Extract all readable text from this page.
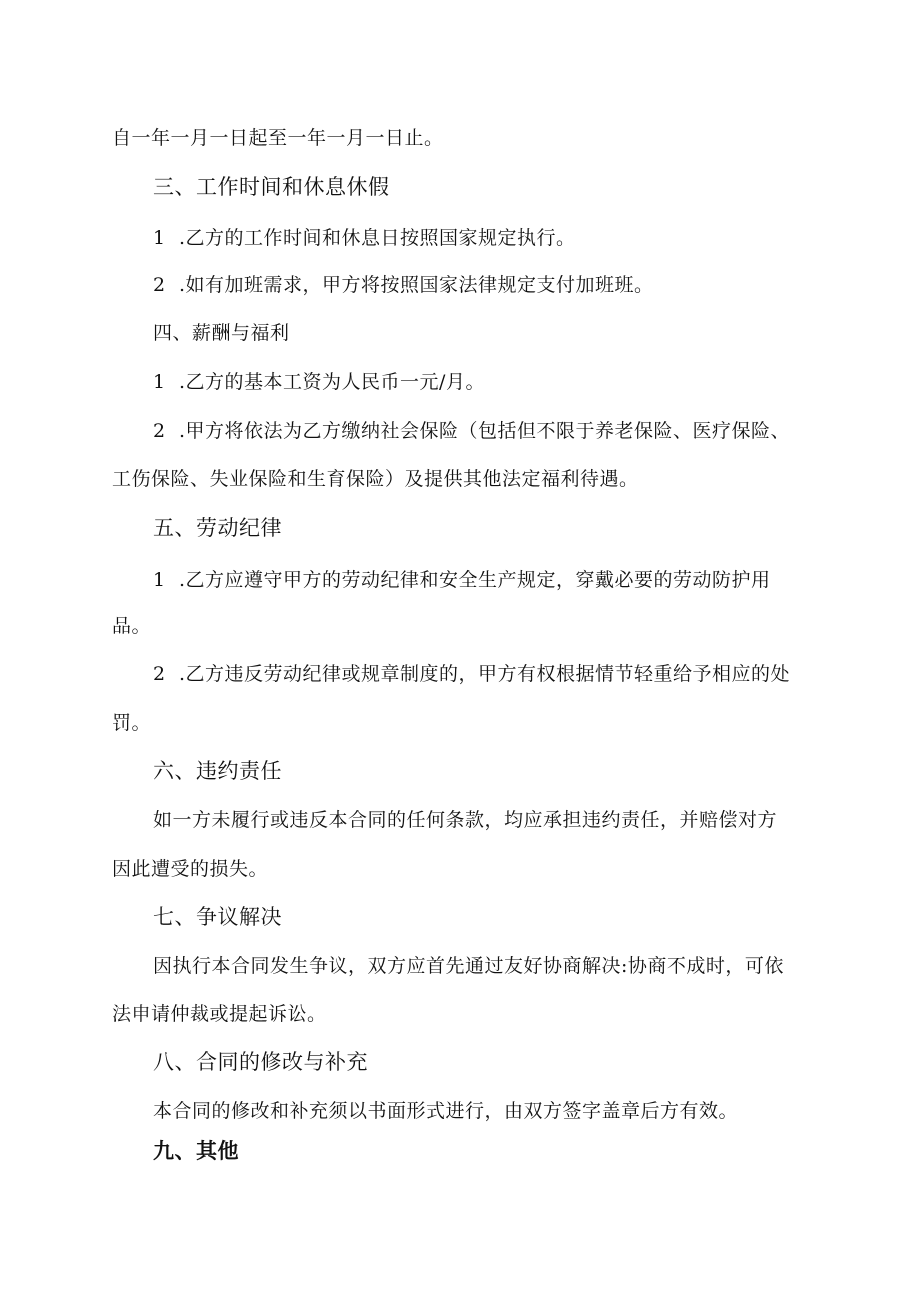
自一年一月一日起至一年一月一日止。
三、工作时间和休息休假
1 .乙方的工作时间和休息日按照国家规定执行。
2 .如有加班需求，甲方将按照国家法律规定支付加班班。
四、薪酬与福利
1 .乙方的基本工资为人民币一元/月。
2 .甲方将依法为乙方缴纳社会保险（包括但不限于养老保险、医疗保险、
工伤保险、失业保险和生育保险）及提供其他法定福利待遇。
五、劳动纪律
1 .乙方应遵守甲方的劳动纪律和安全生产规定，穿戴必要的劳动防护用
品。
2 .乙方违反劳动纪律或规章制度的，甲方有权根据情节轻重给予相应的处
罚。
六、违约责任
如一方未履行或违反本合同的任何条款，均应承担违约责任，并赔偿对方
因此遭受的损失。
七、争议解决
因执行本合同发生争议，双方应首先通过友好协商解决:协商不成时，可依
法申请仲裁或提起诉讼。
八、合同的修改与补充
本合同的修改和补充须以书面形式进行，由双方签字盖章后方有效。
九、其他
